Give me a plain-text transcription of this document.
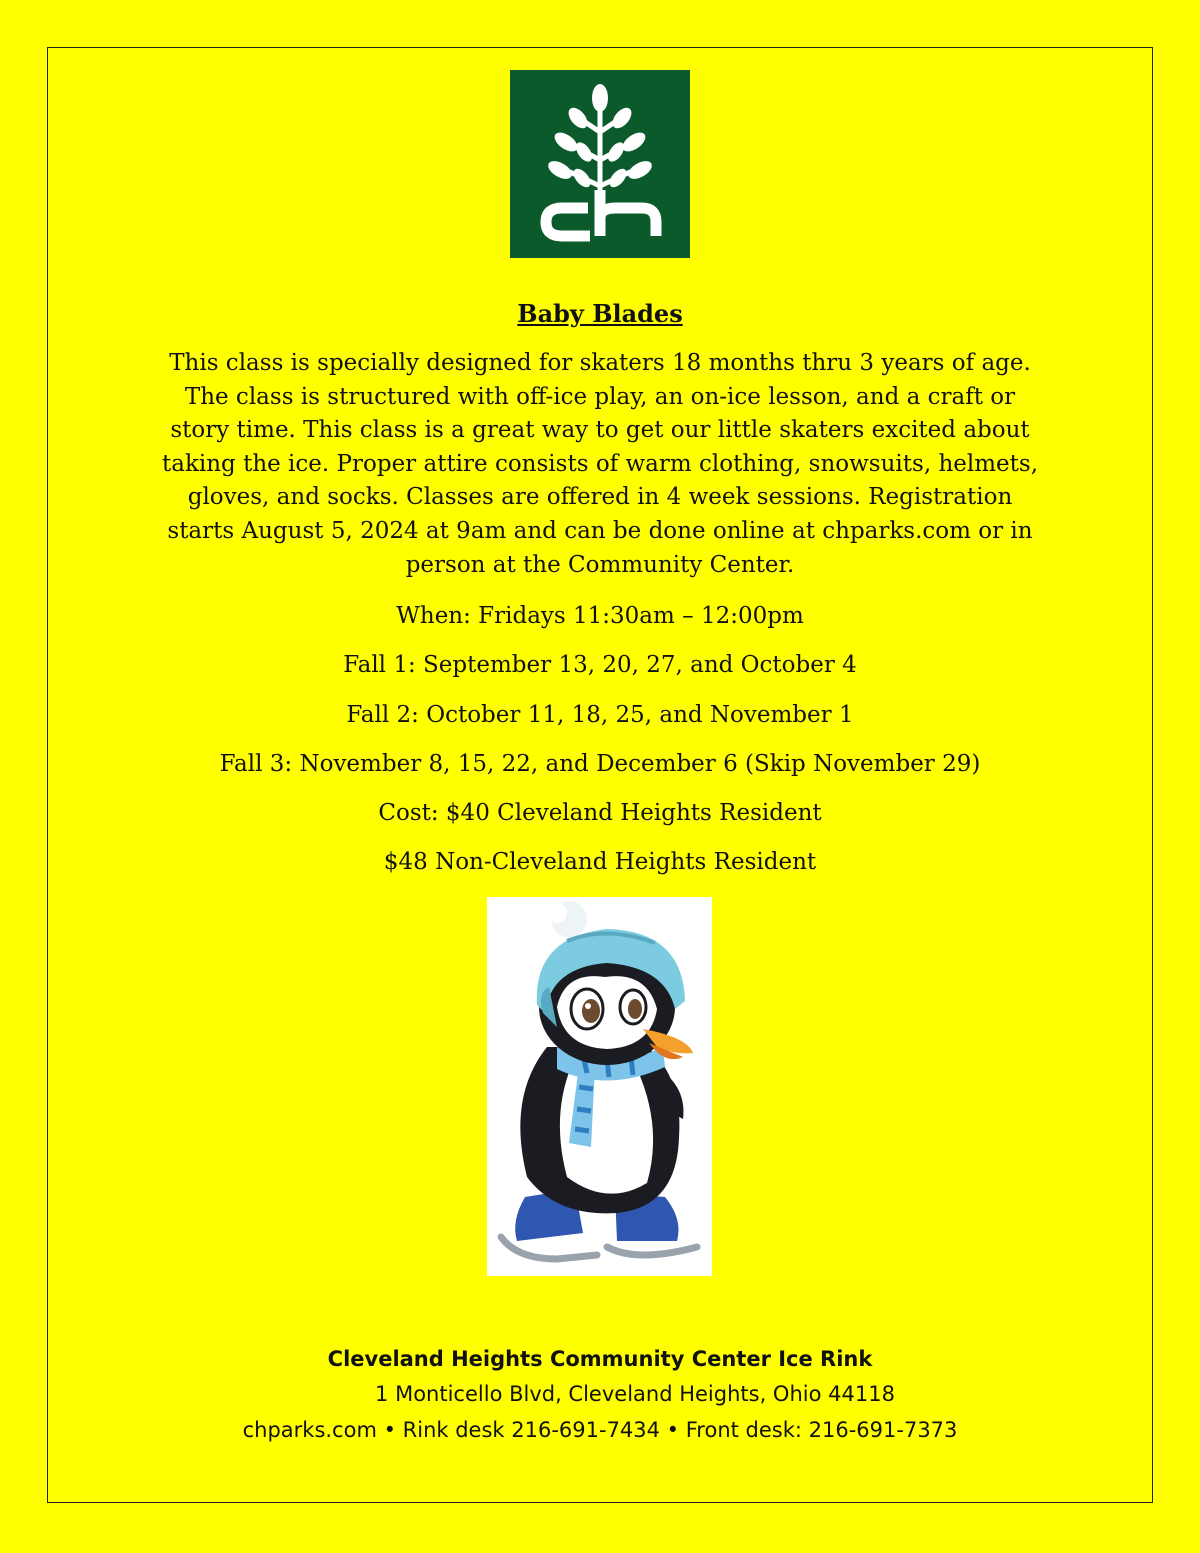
Baby Blades
This class is specially designed for skaters 18 months thru 3 years of age.
The class is structured with off-ice play, an on-ice lesson, and a craft or
story time. This class is a great way to get our little skaters excited about
taking the ice. Proper attire consists of warm clothing, snowsuits, helmets,
gloves, and socks. Classes are offered in 4 week sessions. Registration
starts August 5, 2024 at 9am and can be done online at chparks.com or in
person at the Community Center.
When: Fridays 11:30am – 12:00pm
Fall 1: September 13, 20, 27, and October 4
Fall 2: October 11, 18, 25, and November 1
Fall 3: November 8, 15, 22, and December 6 (Skip November 29)
Cost: $40 Cleveland Heights Resident
$48 Non-Cleveland Heights Resident
Cleveland Heights Community Center Ice Rink
1 Monticello Blvd, Cleveland Heights, Ohio 44118
chparks.com • Rink desk 216-691-7434 • Front desk: 216-691-7373
